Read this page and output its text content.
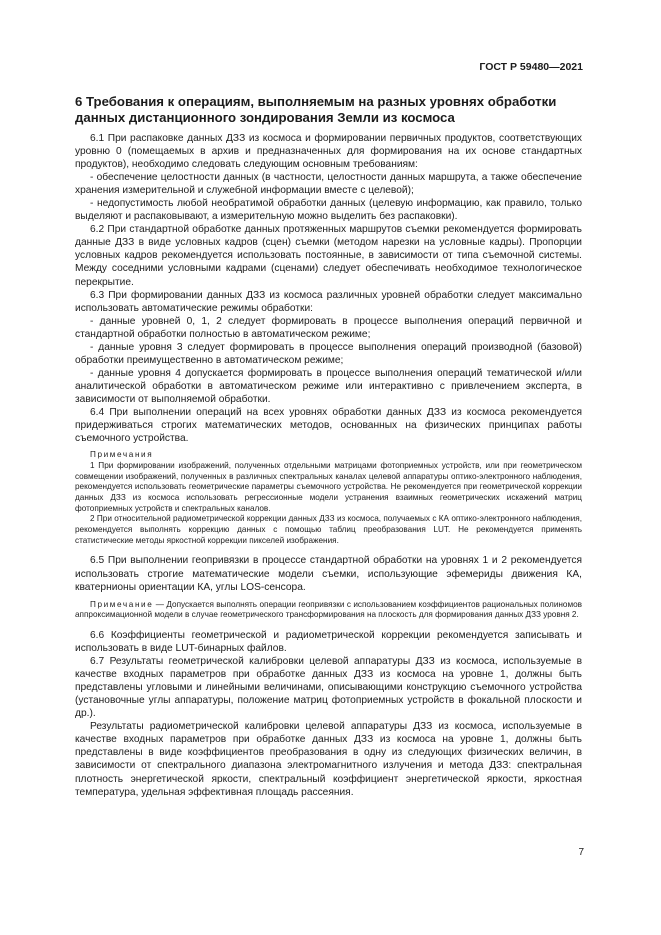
ГОСТ Р 59480—2021
6 Требования к операциям, выполняемым на разных уровнях обработки данных дистанционного зондирования Земли из космоса

6.1 При распаковке данных ДЗЗ из космоса и формировании первичных продуктов, соответствующих уровню 0 (помещаемых в архив и предназначенных для формирования на их основе стандартных продуктов), необходимо следовать следующим основным требованиям:

- обеспечение целостности данных (в частности, целостности данных маршрута, а также обеспечение хранения измерительной и служебной информации вместе с целевой);

- недопустимость любой необратимой обработки данных (целевую информацию, как правило, только выделяют и распаковывают, а измерительную можно выделить без распаковки).

6.2 При стандартной обработке данных протяженных маршрутов съемки рекомендуется формировать данные ДЗЗ в виде условных кадров (сцен) съемки (методом нарезки на условные кадры). Пропорции условных кадров рекомендуется использовать постоянные, в зависимости от типа съемочной системы. Между соседними условными кадрами (сценами) следует обеспечивать необходимое технологическое перекрытие.

6.3 При формировании данных ДЗЗ из космоса различных уровней обработки следует максимально использовать автоматические режимы обработки:

- данные уровней 0, 1, 2 следует формировать в процессе выполнения операций первичной и стандартной обработки полностью в автоматическом режиме;

- данные уровня 3 следует формировать в процессе выполнения операций производной (базовой) обработки преимущественно в автоматическом режиме;

- данные уровня 4 допускается формировать в процессе выполнения операций тематической и/или аналитической обработки в автоматическом режиме или интерактивно с привлечением эксперта, в зависимости от выполняемой обработки.

6.4 При выполнении операций на всех уровнях обработки данных ДЗЗ из космоса рекомендуется придерживаться строгих математических методов, основанных на физических принципах работы съемочного устройства.

Примечания

1 При формировании изображений, полученных отдельными матрицами фотоприемных устройств, или при геометрическом совмещении изображений, полученных в различных спектральных каналах целевой аппаратуры оптико-электронного наблюдения, рекомендуется использовать геометрические параметры съемочного устройства. Не рекомендуется при геометрической коррекции данных ДЗЗ из космоса использовать регрессионные модели устранения взаимных геометрических искажений матриц фотоприемных устройств и спектральных каналов.

2 При относительной радиометрической коррекции данных ДЗЗ из космоса, получаемых с КА оптико-электронного наблюдения, рекомендуется выполнять коррекцию данных с помощью таблиц преобразования LUT. Не рекомендуется применять статистические методы яркостной коррекции пикселей изображения.

6.5 При выполнении геопривязки в процессе стандартной обработки на уровнях 1 и 2 рекомендуется использовать строгие математические модели съемки, использующие эфемериды движения КА, кватернионы ориентации КА, углы LOS-сенсора.

Примечание — Допускается выполнять операции геопривязки с использованием коэффициентов рациональных полиномов аппроксимационной модели в случае геометрического трансформирования на плоскость для формирования данных ДЗЗ уровня 2.

6.6 Коэффициенты геометрической и радиометрической коррекции рекомендуется записывать и использовать в виде LUT-бинарных файлов.

6.7 Результаты геометрической калибровки целевой аппаратуры ДЗЗ из космоса, используемые в качестве входных параметров при обработке данных ДЗЗ из космоса на уровне 1, должны быть представлены угловыми и линейными величинами, описывающими конструкцию съемочного устройства (установочные углы аппаратуры, положение матриц фотоприемных устройств в фокальной плоскости и др.).

Результаты радиометрической калибровки целевой аппаратуры ДЗЗ из космоса, используемые в качестве входных параметров при обработке данных ДЗЗ из космоса на уровне 1, должны быть представлены в виде коэффициентов преобразования в одну из следующих физических величин, в зависимости от спектрального диапазона электромагнитного излучения и метода ДЗЗ: спектральная плотность энергетической яркости, спектральный коэффициент энергетической яркости, яркостная температура, удельная эффективная площадь рассеяния.

7
